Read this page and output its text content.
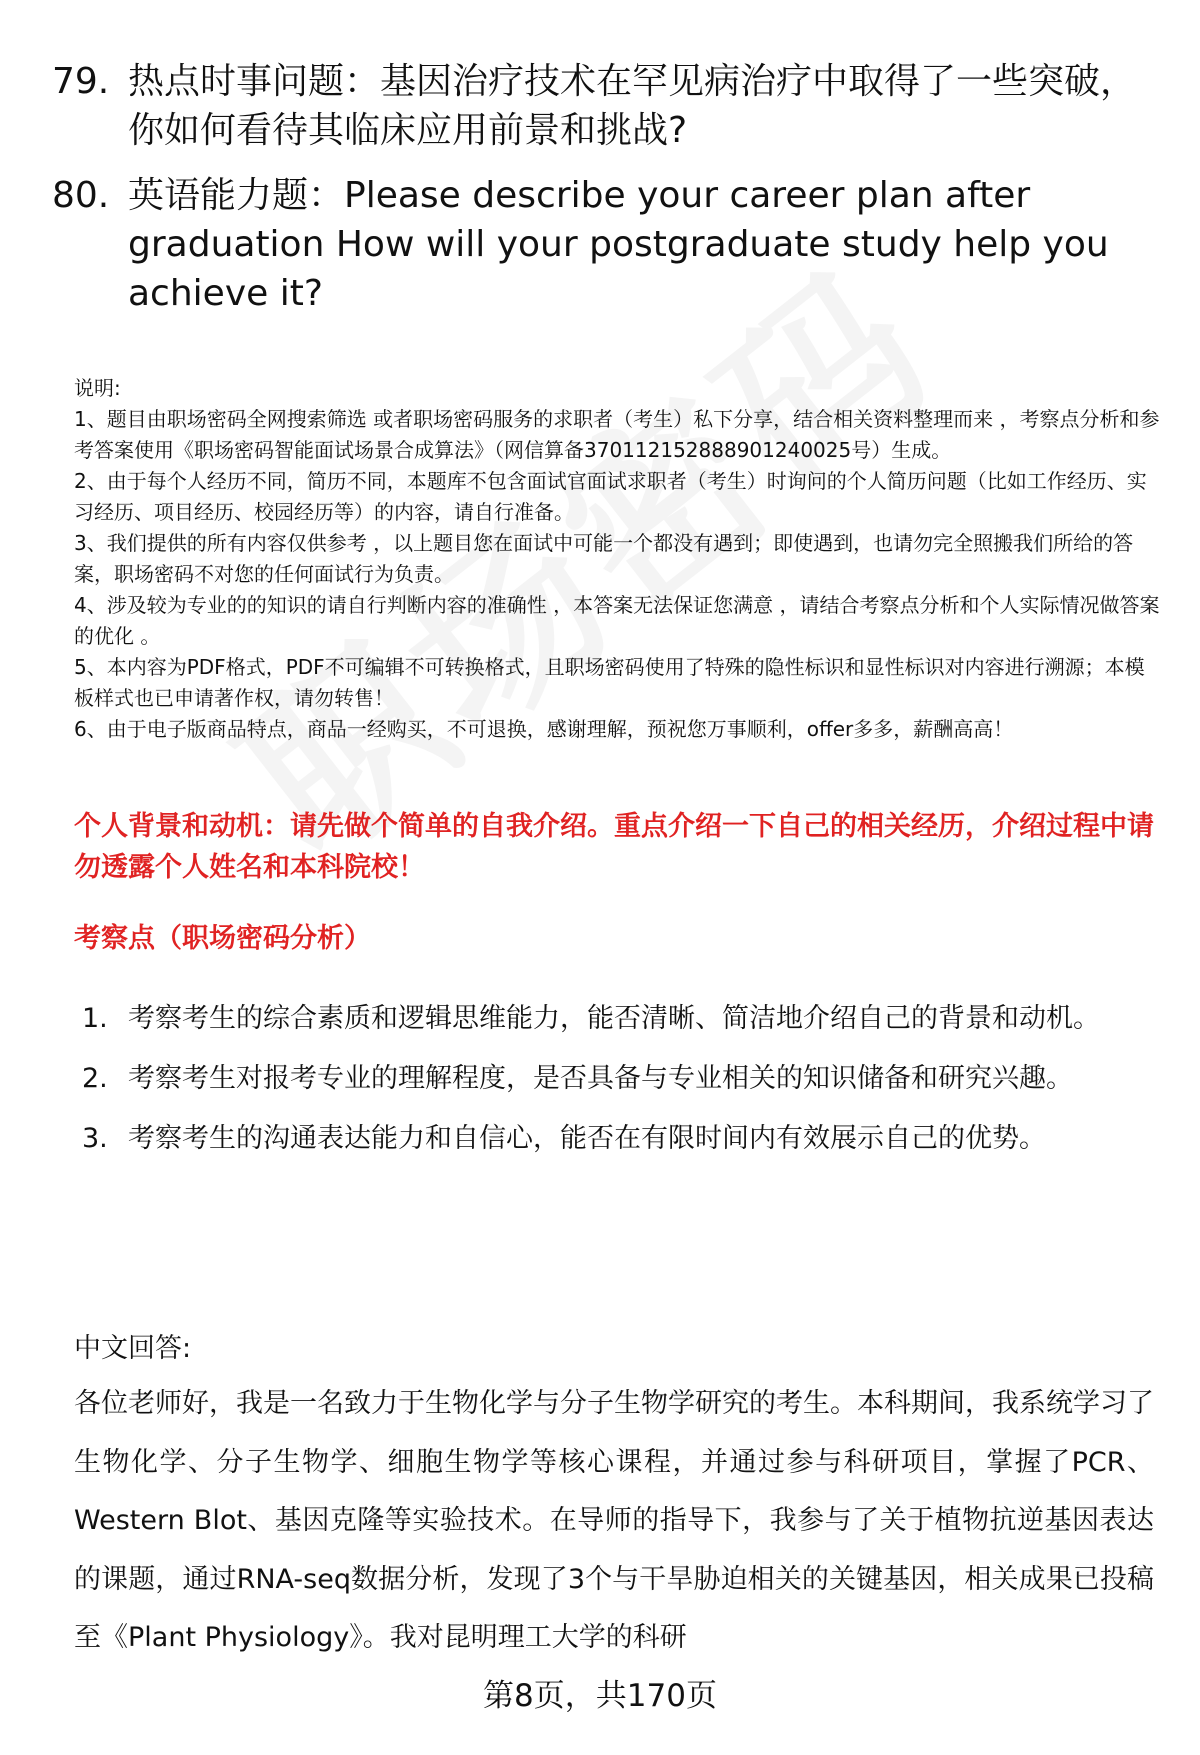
79. 热点时事问题：基因治疗技术在罕见病治疗中取得了一些突破，你如何看待其临床应用前景和挑战?
80. 英语能力题：Please describe your career plan after graduation How will your postgraduate study help you achieve it?

说明:

1、题目由职场密码全网搜索筛选 或者职场密码服务的求职者（考生）私下分享，结合相关资料整理而来 ，考察点分析和参考答案使用《职场密码智能面试场景合成算法》（网信算备370112152888901240025号）生成。

2、由于每个人经历不同，简历不同，本题库不包含面试官面试求职者（考生）时询问的个人简历问题（比如工作经历、实习经历、项目经历、校园经历等）的内容，请自行准备。

3、我们提供的所有内容仅供参考 ，以上题目您在面试中可能一个都没有遇到；即使遇到，也请勿完全照搬我们所给的答案，职场密码不对您的任何面试行为负责。

4、涉及较为专业的的知识的请自行判断内容的准确性 ，本答案无法保证您满意 ，请结合考察点分析和个人实际情况做答案的优化 。

5、本内容为PDF格式，PDF不可编辑不可转换格式，且职场密码使用了特殊的隐性标识和显性标识对内容进行溯源；本模板样式也已申请著作权，请勿转售！

6、由于电子版商品特点，商品一经购买，不可退换，感谢理解，预祝您万事顺利，offer多多，薪酬高高！

个人背景和动机：请先做个简单的自我介绍。重点介绍一下自己的相关经历，介绍过程中请勿透露个人姓名和本科院校！
考察点（职场密码分析）
1. 考察考生的综合素质和逻辑思维能力，能否清晰、简洁地介绍自己的背景和动机。
2. 考察考生对报考专业的理解程度，是否具备与专业相关的知识储备和研究兴趣。
3. 考察考生的沟通表达能力和自信心，能否在有限时间内有效展示自己的优势。
中文回答:
各位老师好，我是一名致力于生物化学与分子生物学研究的考生。本科期间，我系统学习了生物化学、分子生物学、细胞生物学等核心课程，并通过参与科研项目，掌握了PCR、Western Blot、基因克隆等实验技术。在导师的指导下，我参与了关于植物抗逆基因表达的课题，通过RNA-seq数据分析，发现了3个与干旱胁迫相关的关键基因，相关成果已投稿至《Plant Physiology》。我对昆明理工大学的科研
第8页，共170页
